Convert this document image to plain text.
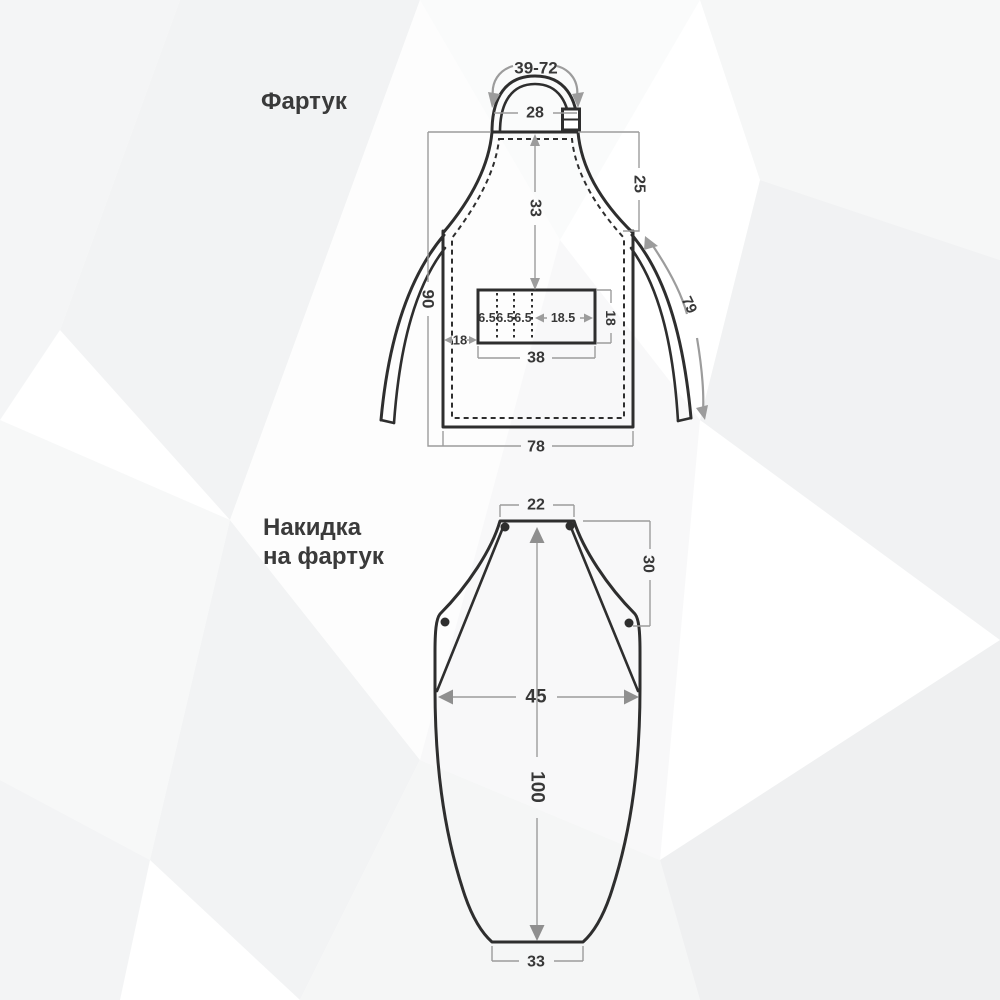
Фартук
39-72
28
90
25
33
79
6.5 6.5 6.5 18.5 18
18
38
78
Накидка
на фартук
22
30
45
100
33
